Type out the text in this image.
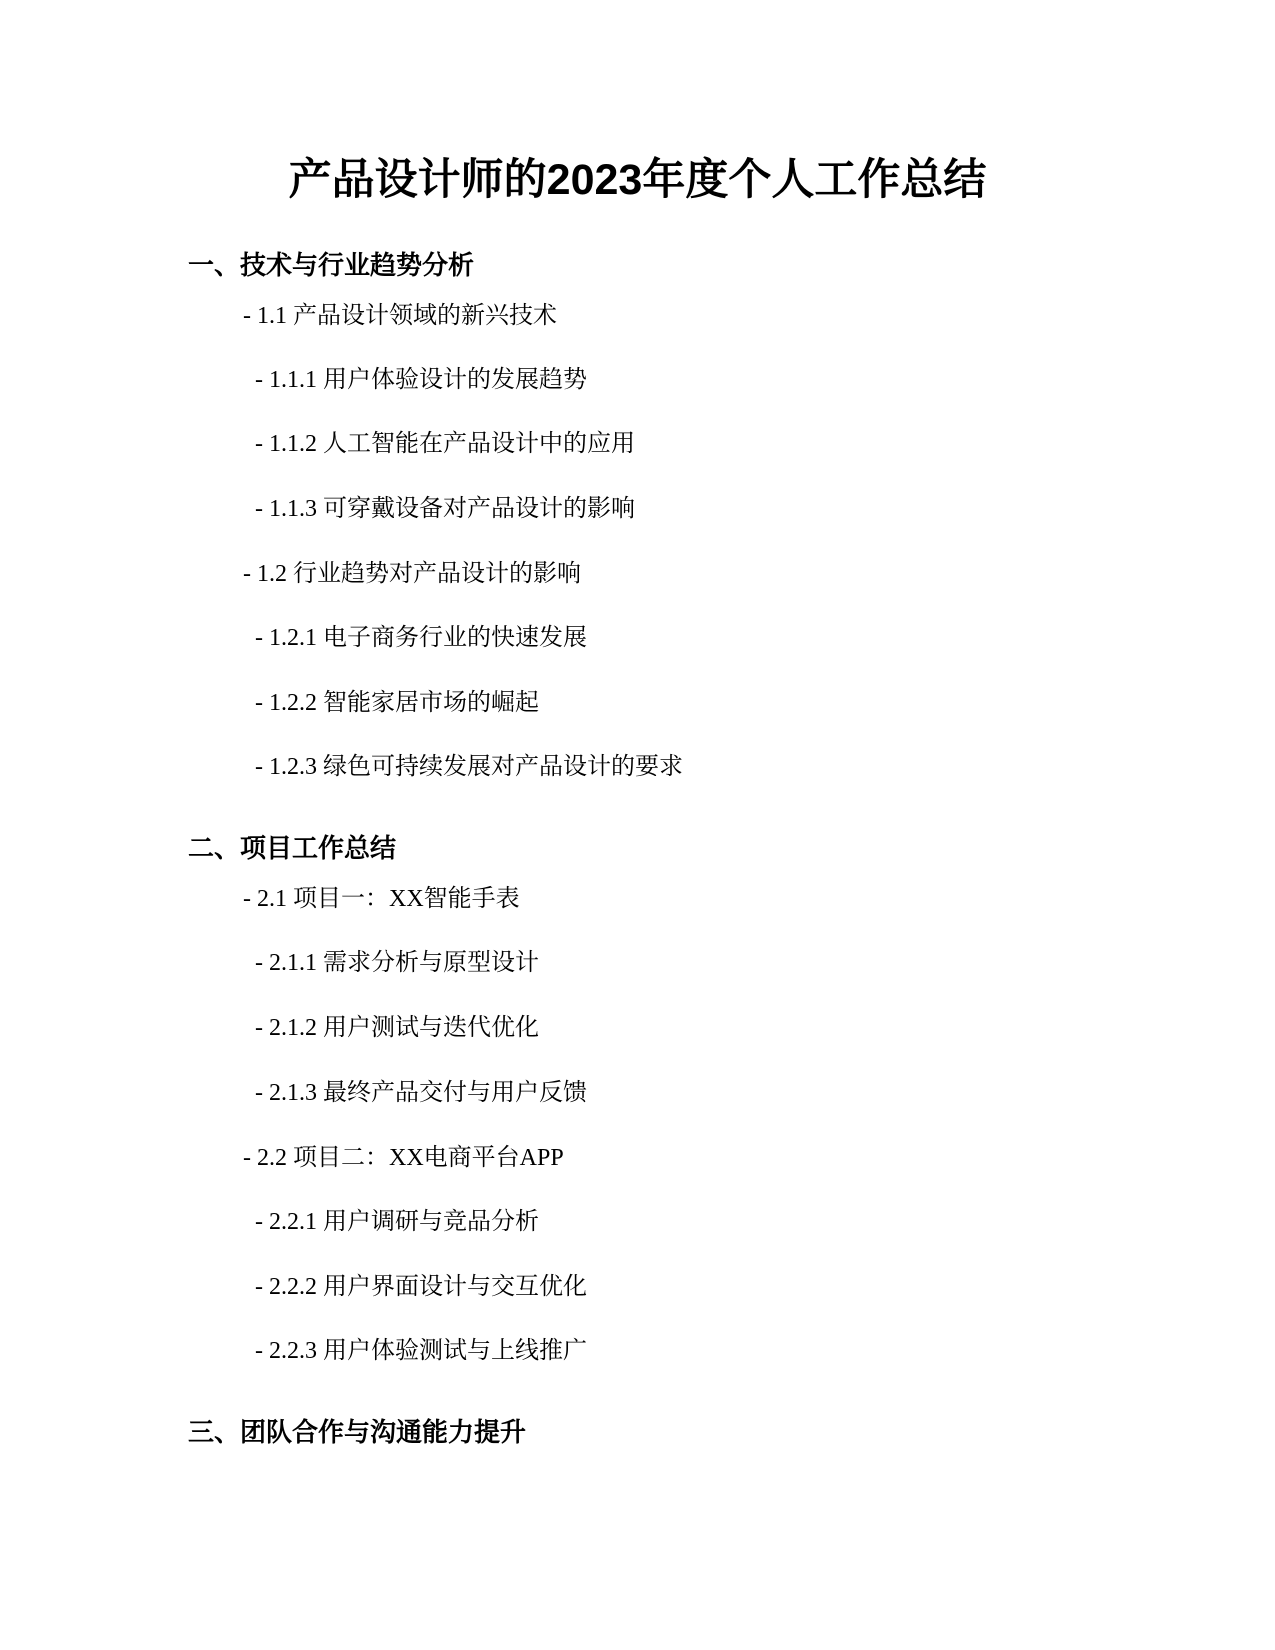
产品设计师的2023年度个人工作总结
一、技术与行业趋势分析

- 1.1 产品设计领域的新兴技术

- 1.1.1 用户体验设计的发展趋势

- 1.1.2 人工智能在产品设计中的应用

- 1.1.3 可穿戴设备对产品设计的影响

- 1.2 行业趋势对产品设计的影响

- 1.2.1 电子商务行业的快速发展

- 1.2.2 智能家居市场的崛起

- 1.2.3 绿色可持续发展对产品设计的要求

二、项目工作总结

- 2.1 项目一：XX智能手表

- 2.1.1 需求分析与原型设计

- 2.1.2 用户测试与迭代优化

- 2.1.3 最终产品交付与用户反馈

- 2.2 项目二：XX电商平台APP

- 2.2.1 用户调研与竞品分析

- 2.2.2 用户界面设计与交互优化

- 2.2.3 用户体验测试与上线推广

三、团队合作与沟通能力提升
